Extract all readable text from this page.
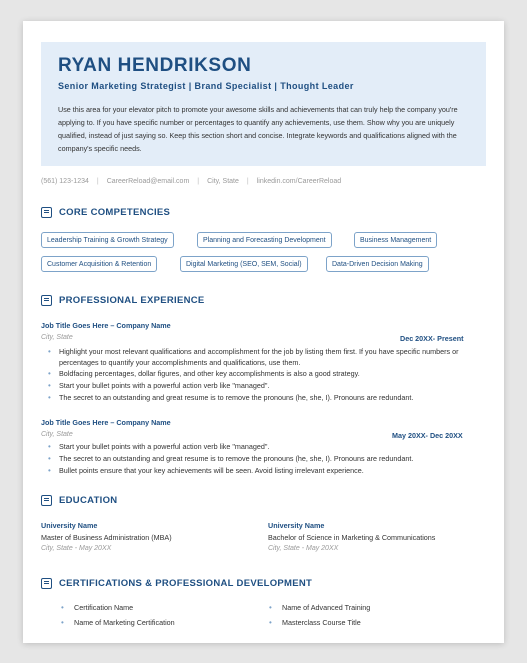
RYAN HENDRIKSON
Senior Marketing Strategist | Brand Specialist | Thought Leader
Use this area for your elevator pitch to promote your awesome skills and achievements that can truly help the company you're applying to. If you have specific number or percentages to quantify any achievements, use them. Show why you are uniquely qualified, instead of just saying so. Keep this section short and concise. Integrate keywords and qualifications aligned with the company's specific needs.
(561) 123-1234 | CareerReload@email.com | City, State | linkedin.com/CareerReload
CORE COMPETENCIES
Leadership Training & Growth Strategy	Planning and Forecasting Development	Business Management
Customer Acquisition & Retention	Digital Marketing (SEO, SEM, Social)	Data-Driven Decision Making
PROFESSIONAL EXPERIENCE
Job Title Goes Here – Company Name
City, State	Dec 20XX- Present
• Highlight your most relevant qualifications and accomplishment for the job by listing them first. If you have specific numbers or percentages to quantify your accomplishments and qualifications, use them.
• Boldfacing percentages, dollar figures, and other key accomplishments is also a good strategy.
• Start your bullet points with a powerful action verb like "managed".
• The secret to an outstanding and great resume is to remove the pronouns (he, she, I). Pronouns are redundant.
Job Title Goes Here – Company Name
City, State	May 20XX- Dec 20XX
• Start your bullet points with a powerful action verb like "managed".
• The secret to an outstanding and great resume is to remove the pronouns (he, she, I). Pronouns are redundant.
• Bullet points ensure that your key achievements will be seen. Avoid listing irrelevant experience.
EDUCATION
University Name
Master of Business Administration (MBA)
City, State - May 20XX
University Name
Bachelor of Science in Marketing & Communications
City, State - May 20XX
CERTIFICATIONS & PROFESSIONAL DEVELOPMENT
• Certification Name	• Name of Advanced Training
• Name of Marketing Certification	• Masterclass Course Title
